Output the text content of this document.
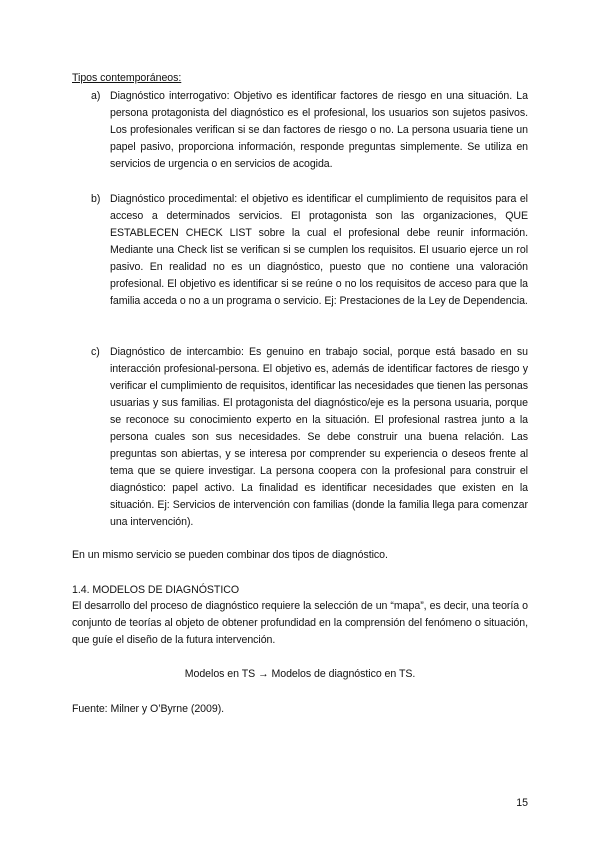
Tipos contemporáneos:
a) Diagnóstico interrogativo: Objetivo es identificar factores de riesgo en una situación. La persona protagonista del diagnóstico es el profesional, los usuarios son sujetos pasivos. Los profesionales verifican si se dan factores de riesgo o no. La persona usuaria tiene un papel pasivo, proporciona información, responde preguntas simplemente. Se utiliza en servicios de urgencia o en servicios de acogida.
b) Diagnóstico procedimental: el objetivo es identificar el cumplimiento de requisitos para el acceso a determinados servicios. El protagonista son las organizaciones, QUE ESTABLECEN CHECK LIST sobre la cual el profesional debe reunir información. Mediante una Check list se verifican si se cumplen los requisitos. El usuario ejerce un rol pasivo. En realidad no es un diagnóstico, puesto que no contiene una valoración profesional. El objetivo es identificar si se reúne o no los requisitos de acceso para que la familia acceda o no a un programa o servicio. Ej: Prestaciones de la Ley de Dependencia.
c) Diagnóstico de intercambio: Es genuino en trabajo social, porque está basado en su interacción profesional-persona. El objetivo es, además de identificar factores de riesgo y verificar el cumplimiento de requisitos, identificar las necesidades que tienen las personas usuarias y sus familias. El protagonista del diagnóstico/eje es la persona usuaria, porque se reconoce su conocimiento experto en la situación. El profesional rastrea junto a la persona cuales son sus necesidades. Se debe construir una buena relación. Las preguntas son abiertas, y se interesa por comprender su experiencia o deseos frente al tema que se quiere investigar. La persona coopera con la profesional para construir el diagnóstico: papel activo. La finalidad es identificar necesidades que existen en la situación. Ej: Servicios de intervención con familias (donde la familia llega para comenzar una intervención).
En un mismo servicio se pueden combinar dos tipos de diagnóstico.
1.4. MODELOS DE DIAGNÓSTICO
El desarrollo del proceso de diagnóstico requiere la selección de un “mapa”, es decir, una teoría o conjunto de teorías al objeto de obtener profundidad en la comprensión del fenómeno o situación, que guíe el diseño de la futura intervención.
Modelos en TS → Modelos de diagnóstico en TS.
Fuente: Milner y O’Byrne (2009).
15
